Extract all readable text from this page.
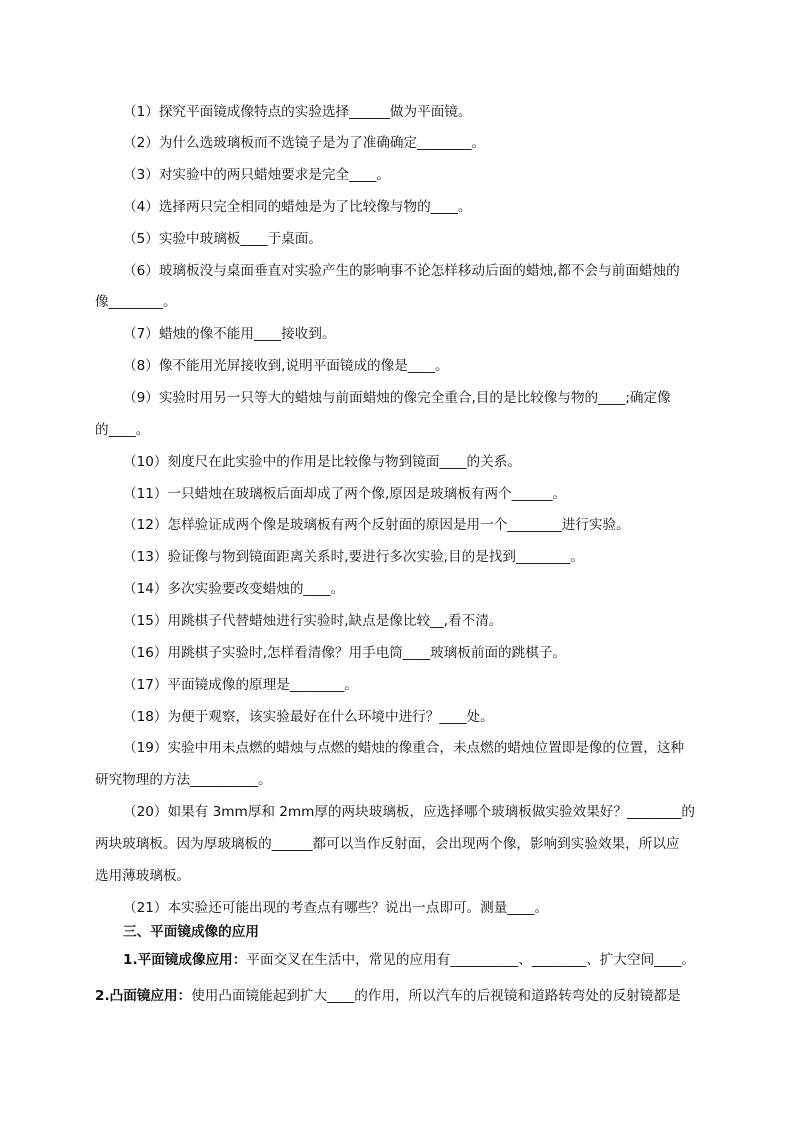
（1）探究平面镜成像特点的实验选择______做为平面镜。
（2）为什么选玻璃板而不选镜子是为了准确确定________。
（3）对实验中的两只蜡烛要求是完全____。
（4）选择两只完全相同的蜡烛是为了比较像与物的____。
（5）实验中玻璃板____于桌面。
（6）玻璃板没与桌面垂直对实验产生的影响事不论怎样移动后面的蜡烛,都不会与前面蜡烛的
像________。
（7）蜡烛的像不能用____接收到。
（8）像不能用光屏接收到,说明平面镜成的像是____。
（9）实验时用另一只等大的蜡烛与前面蜡烛的像完全重合,目的是比较像与物的____;确定像
的____。
（10）刻度尺在此实验中的作用是比较像与物到镜面____的关系。
（11）一只蜡烛在玻璃板后面却成了两个像,原因是玻璃板有两个______。
（12）怎样验证成两个像是玻璃板有两个反射面的原因是用一个________进行实验。
（13）验证像与物到镜面距离关系时,要进行多次实验,目的是找到________。
（14）多次实验要改变蜡烛的____。
（15）用跳棋子代替蜡烛进行实验时,缺点是像比较__,看不清。
（16）用跳棋子实验时,怎样看清像？用手电筒____玻璃板前面的跳棋子。
（17）平面镜成像的原理是________。
（18）为便于观察，该实验最好在什么环境中进行？____处。
（19）实验中用未点燃的蜡烛与点燃的蜡烛的像重合，未点燃的蜡烛位置即是像的位置，这种
研究物理的方法__________。
（20）如果有 3mm厚和 2mm厚的两块玻璃板，应选择哪个玻璃板做实验效果好？________的
两块玻璃板。因为厚玻璃板的______都可以当作反射面，会出现两个像，影响到实验效果，所以应
选用薄玻璃板。
（21）本实验还可能出现的考查点有哪些？说出一点即可。测量____。
三、平面镜成像的应用
1.平面镜成像应用：平面交叉在生活中，常见的应用有__________、________、扩大空间____。
2.凸面镜应用：使用凸面镜能起到扩大____的作用，所以汽车的后视镜和道路转弯处的反射镜都是
